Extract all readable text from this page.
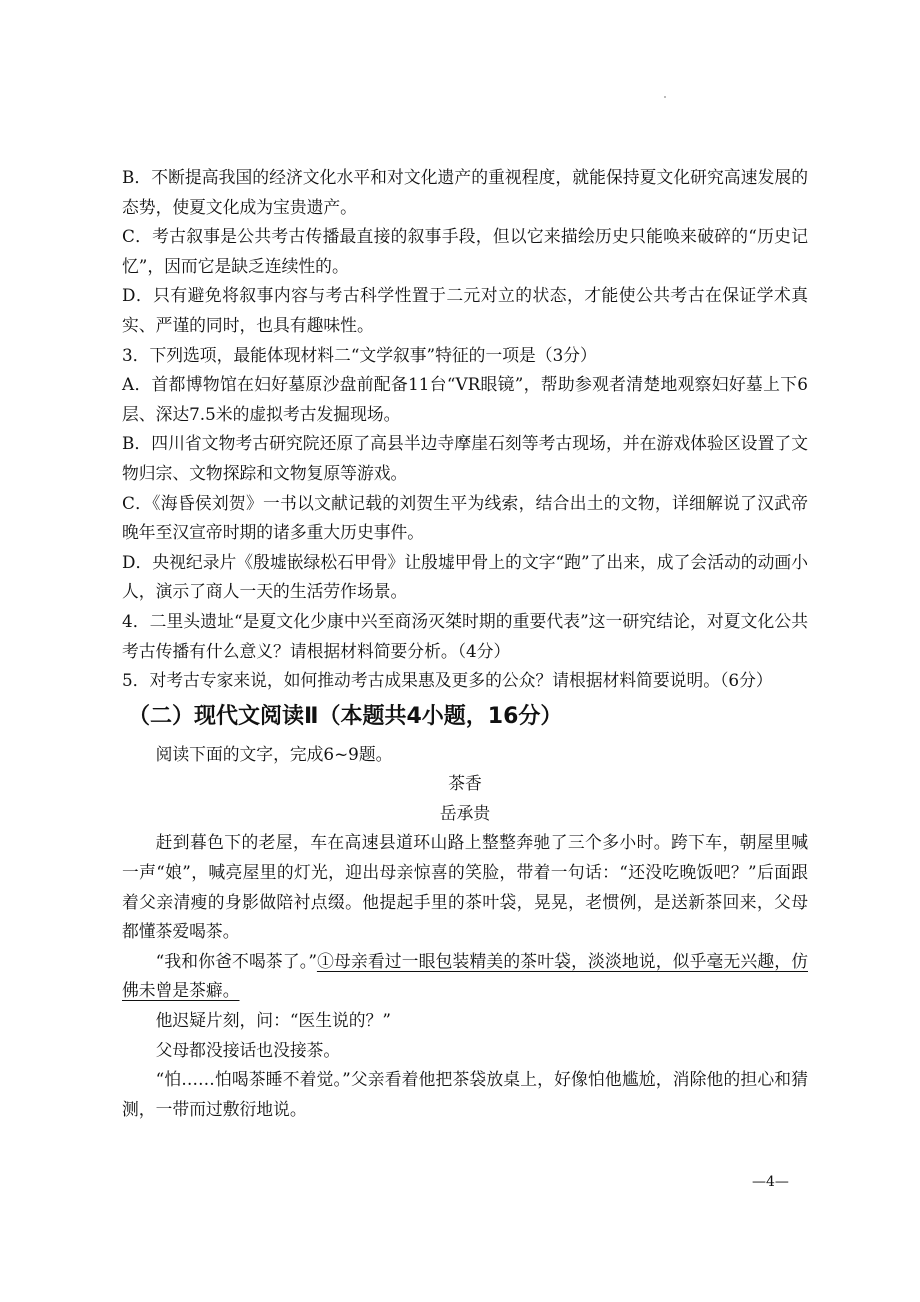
B．不断提高我国的经济文化水平和对文化遗产的重视程度，就能保持夏文化研究高速发展的态势，使夏文化成为宝贵遗产。

C．考古叙事是公共考古传播最直接的叙事手段，但以它来描绘历史只能唤来破碎的“历史记忆”，因而它是缺乏连续性的。

D．只有避免将叙事内容与考古科学性置于二元对立的状态，才能使公共考古在保证学术真实、严谨的同时，也具有趣味性。

3．下列选项，最能体现材料二“文学叙事”特征的一项是（3分）

A．首都博物馆在妇好墓原沙盘前配备11台“VR眼镜”，帮助参观者清楚地观察妇好墓上下6层、深达7.5米的虚拟考古发掘现场。

B．四川省文物考古研究院还原了高县半边寺摩崖石刻等考古现场，并在游戏体验区设置了文物归宗、文物探踪和文物复原等游戏。

C．《海昏侯刘贺》一书以文献记载的刘贺生平为线索，结合出土的文物，详细解说了汉武帝晚年至汉宣帝时期的诸多重大历史事件。

D．央视纪录片《殷墟嵌绿松石甲骨》让殷墟甲骨上的文字“跑”了出来，成了会活动的动画小人，演示了商人一天的生活劳作场景。

4．二里头遗址“是夏文化少康中兴至商汤灭桀时期的重要代表”这一研究结论，对夏文化公共考古传播有什么意义？请根据材料简要分析。（4分）

5．对考古专家来说，如何推动考古成果惠及更多的公众？请根据材料简要说明。（6分）

（二）现代文阅读Ⅱ（本题共4小题，16分）

阅读下面的文字，完成6~9题。

茶香

岳承贵

赶到暮色下的老屋，车在高速县道环山路上整整奔驰了三个多小时。跨下车，朝屋里喊一声“娘”，喊亮屋里的灯光，迎出母亲惊喜的笑脸，带着一句话：“还没吃晚饭吧？”后面跟着父亲清瘦的身影做陪衬点缀。他提起手里的茶叶袋，晃晃，老惯例，是送新茶回来，父母都懂茶爱喝茶。

“我和你爸不喝茶了。”①母亲看过一眼包装精美的茶叶袋，淡淡地说，似乎毫无兴趣，仿佛未曾是茶癖。

他迟疑片刻，问：“医生说的？”

父母都没接话也没接茶。

“怕……怕喝茶睡不着觉。”父亲看着他把茶袋放桌上，好像怕他尴尬，消除他的担心和猜测，一带而过敷衍地说。

—4—
